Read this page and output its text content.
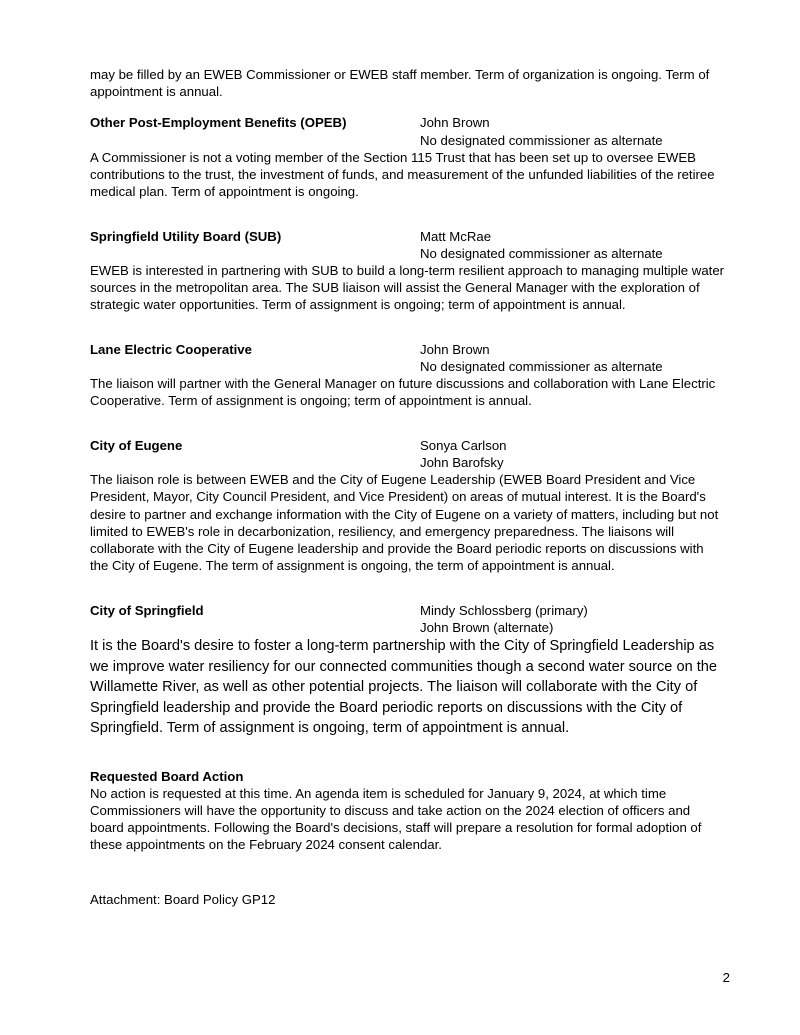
may be filled by an EWEB Commissioner or EWEB staff member. Term of organization is ongoing. Term of appointment is annual.

Other Post-Employment Benefits (OPEB)	John Brown
No designated commissioner as alternate

A Commissioner is not a voting member of the Section 115 Trust that has been set up to oversee EWEB contributions to the trust, the investment of funds, and measurement of the unfunded liabilities of the retiree medical plan. Term of appointment is ongoing.

Springfield Utility Board (SUB)	Matt McRae
No designated commissioner as alternate

EWEB is interested in partnering with SUB to build a long-term resilient approach to managing multiple water sources in the metropolitan area. The SUB liaison will assist the General Manager with the exploration of strategic water opportunities. Term of assignment is ongoing; term of appointment is annual.

Lane Electric Cooperative	John Brown
No designated commissioner as alternate

The liaison will partner with the General Manager on future discussions and collaboration with Lane Electric Cooperative. Term of assignment is ongoing; term of appointment is annual.

City of Eugene	Sonya Carlson
John Barofsky

The liaison role is between EWEB and the City of Eugene Leadership (EWEB Board President and Vice President, Mayor, City Council President, and Vice President) on areas of mutual interest. It is the Board's desire to partner and exchange information with the City of Eugene on a variety of matters, including but not limited to EWEB's role in decarbonization, resiliency, and emergency preparedness. The liaisons will collaborate with the City of Eugene leadership and provide the Board periodic reports on discussions with the City of Eugene. The term of assignment is ongoing, the term of appointment is annual.

City of Springfield	Mindy Schlossberg (primary)
John Brown (alternate)

It is the Board's desire to foster a long-term partnership with the City of Springfield Leadership as we improve water resiliency for our connected communities though a second water source on the Willamette River, as well as other potential projects. The liaison will collaborate with the City of Springfield leadership and provide the Board periodic reports on discussions with the City of Springfield. Term of assignment is ongoing, term of appointment is annual.

Requested Board Action

No action is requested at this time. An agenda item is scheduled for January 9, 2024, at which time Commissioners will have the opportunity to discuss and take action on the 2024 election of officers and board appointments. Following the Board's decisions, staff will prepare a resolution for formal adoption of these appointments on the February 2024 consent calendar.

Attachment: Board Policy GP12

2
